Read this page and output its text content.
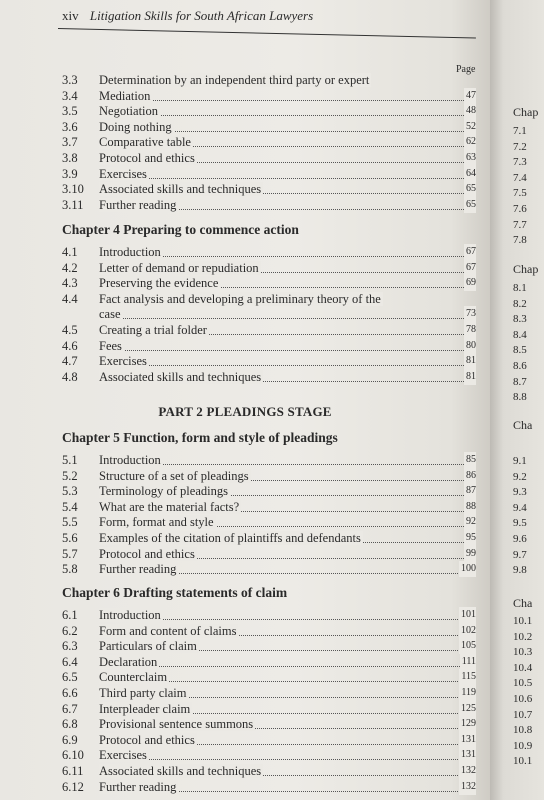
xiv Litigation Skills for South African Lawyers
Page
3.3 Determination by an independent third party or expert
3.4 Mediation	47
3.5 Negotiation	48
3.6 Doing nothing	52
3.7 Comparative table	62
3.8 Protocol and ethics	63
3.9 Exercises	64
3.10 Associated skills and techniques	65
3.11 Further reading	65
Chapter 4 Preparing to commence action
4.1 Introduction	67
4.2 Letter of demand or repudiation	67
4.3 Preserving the evidence	69
4.4 Fact analysis and developing a preliminary theory of the
case	73
4.5 Creating a trial folder	78
4.6 Fees	80
4.7 Exercises	81
4.8 Associated skills and techniques	81
PART 2 PLEADINGS STAGE
Chapter 5 Function, form and style of pleadings
5.1 Introduction	85
5.2 Structure of a set of pleadings	86
5.3 Terminology of pleadings	87
5.4 What are the material facts?	88
5.5 Form, format and style	92
5.6 Examples of the citation of plaintiffs and defendants	95
5.7 Protocol and ethics	99
5.8 Further reading	100
Chapter 6 Drafting statements of claim
6.1 Introduction	101
6.2 Form and content of claims	102
6.3 Particulars of claim	105
6.4 Declaration	111
6.5 Counterclaim	115
6.6 Third party claim	119
6.7 Interpleader claim	125
6.8 Provisional sentence summons	129
6.9 Protocol and ethics	131
6.10 Exercises	131
6.11 Associated skills and techniques	132
6.12 Further reading	132
Chap
7.1
7.2
7.3
7.4
7.5
7.6
7.7
7.8
Chap
8.1
8.2
8.3
8.4
8.5
8.6
8.7
8.8
Cha
9.1
9.2
9.3
9.4
9.5
9.6
9.7
9.8
Cha
10.1
10.2
10.3
10.4
10.5
10.6
10.7
10.8
10.9
10.1
